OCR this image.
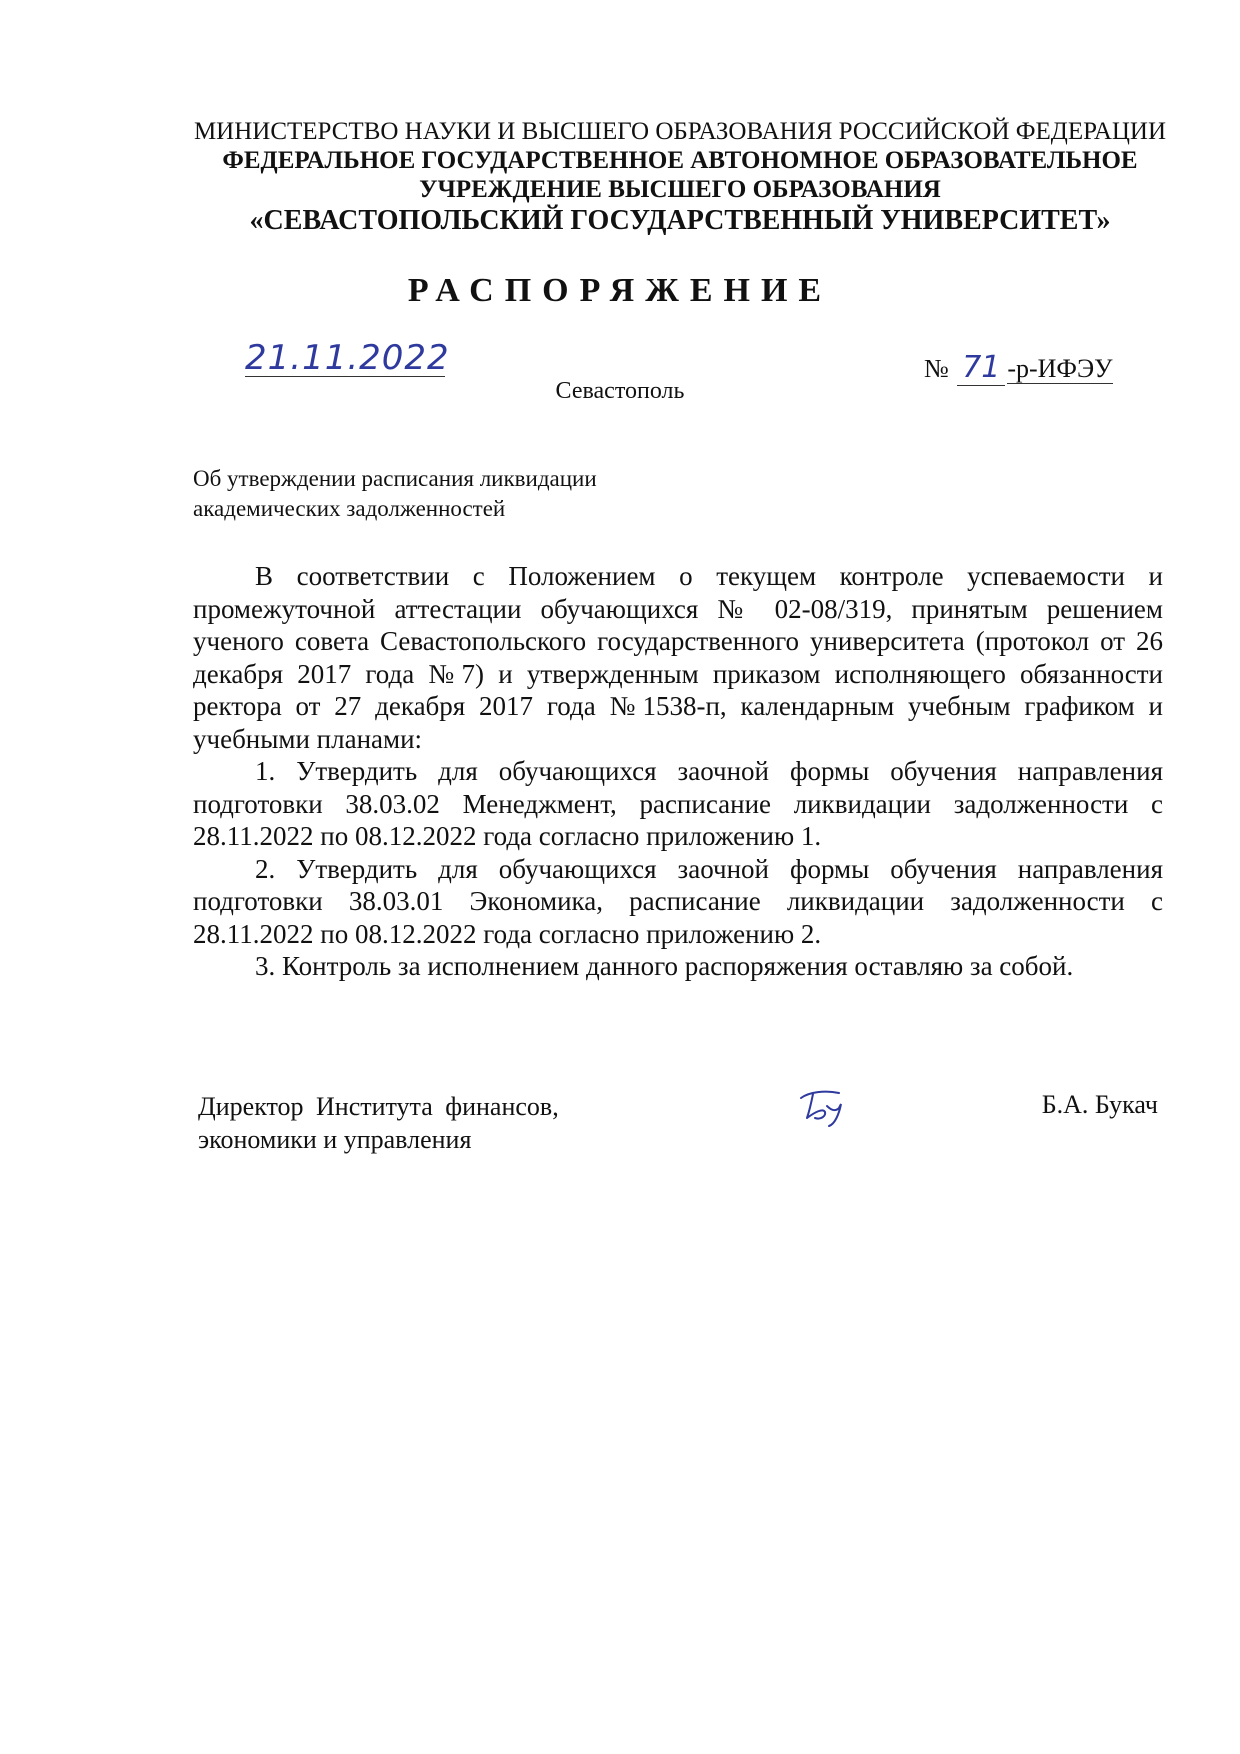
МИНИСТЕРСТВО НАУКИ И ВЫСШЕГО ОБРАЗОВАНИЯ РОССИЙСКОЙ ФЕДЕРАЦИИ
ФЕДЕРАЛЬНОЕ ГОСУДАРСТВЕННОЕ АВТОНОМНОЕ ОБРАЗОВАТЕЛЬНОЕ
УЧРЕЖДЕНИЕ ВЫСШЕГО ОБРАЗОВАНИЯ
«СЕВАСТОПОЛЬСКИЙ ГОСУДАРСТВЕННЫЙ УНИВЕРСИТЕТ»
РАСПОРЯЖЕНИЕ
21.11.2022	№ 71 -р-ИФЭУ
Севастополь
Об утверждении расписания ликвидации
академических задолженностей

В соответствии с Положением о текущем контроле успеваемости и промежуточной аттестации обучающихся № 02-08/319, принятым решением ученого совета Севастопольского государственного университета (протокол от 26 декабря 2017 года №7) и утвержденным приказом исполняющего обязанности ректора от 27 декабря 2017 года №1538-п, календарным учебным графиком и учебными планами:

1. Утвердить для обучающихся заочной формы обучения направления подготовки 38.03.02 Менеджмент, расписание ликвидации задолженности с 28.11.2022 по 08.12.2022 года согласно приложению 1.

2. Утвердить для обучающихся заочной формы обучения направления подготовки 38.03.01 Экономика, расписание ликвидации задолженности с 28.11.2022 по 08.12.2022 года согласно приложению 2.

3. Контроль за исполнением данного распоряжения оставляю за собой.

Директор Института финансов,
экономики и управления
Б.А. Букач
